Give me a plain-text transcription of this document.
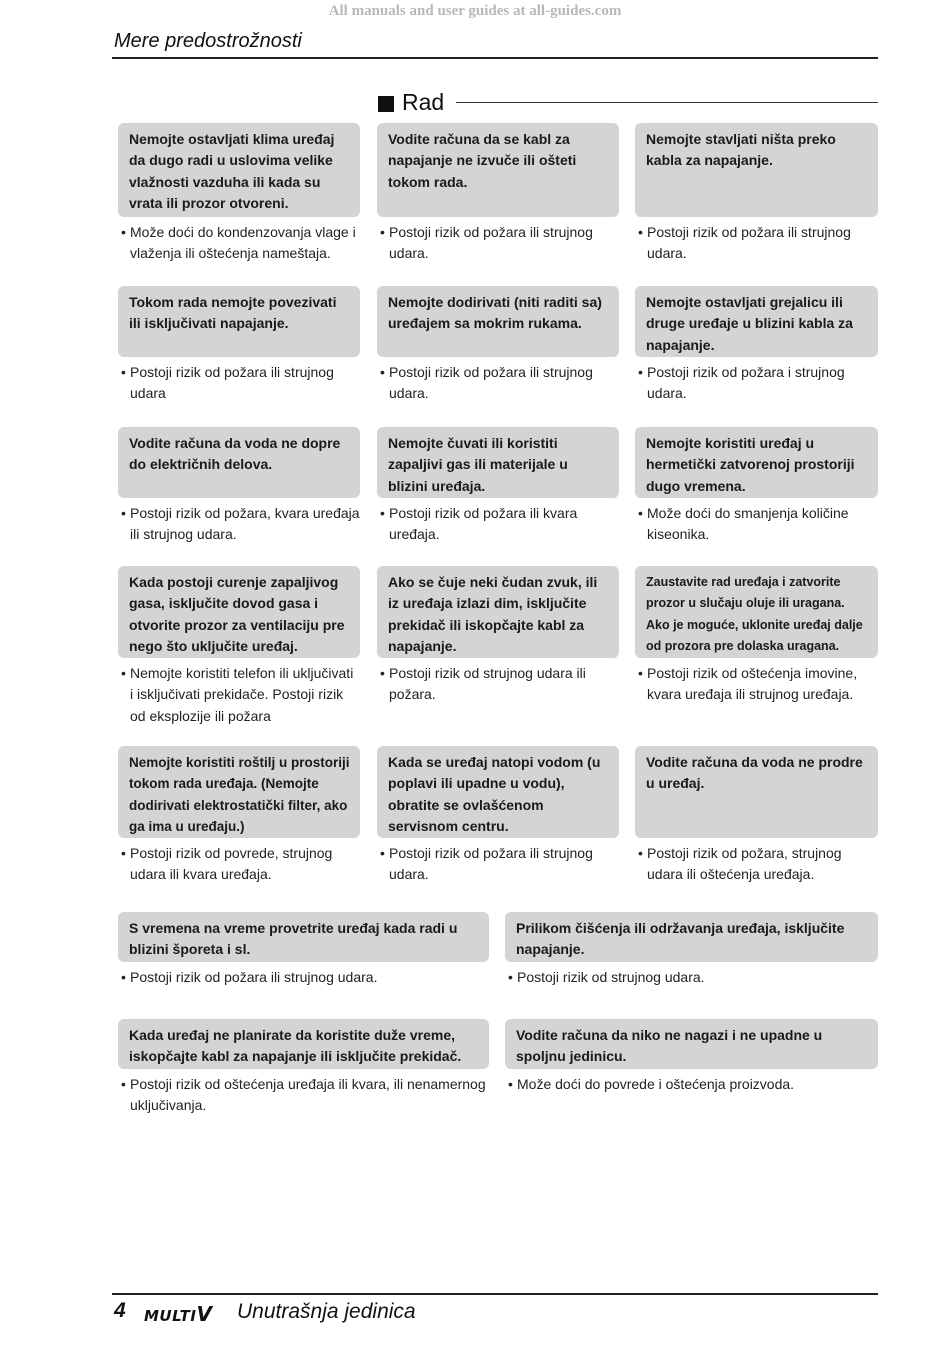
All manuals and user guides at all-guides.com
Mere predostrožnosti
Rad
Nemojte ostavljati klima uređaj da dugo radi u uslovima velike vlažnosti vazduha ili kada su vrata ili prozor otvoreni.
• Može doći do kondenzovanja vlage i vlaženja ili oštećenja nameštaja.
Vodite računa da se kabl za napajanje ne izvuče ili ošteti tokom rada.
• Postoji rizik od požara ili strujnog udara.
Nemojte stavljati ništa preko kabla za napajanje.
• Postoji rizik od požara ili strujnog udara.
Tokom rada nemojte povezivati ili isključivati napajanje.
• Postoji rizik od požara ili strujnog udara
Nemojte dodirivati (niti raditi sa) uređajem sa mokrim rukama.
• Postoji rizik od požara ili strujnog udara.
Nemojte ostavljati grejalicu ili druge uređaje u blizini kabla za napajanje.
• Postoji rizik od požara i strujnog udara.
Vodite računa da voda ne dopre do električnih delova.
• Postoji rizik od požara, kvara uređaja ili strujnog udara.
Nemojte čuvati ili koristiti zapaljivi gas ili materijale u blizini uređaja.
• Postoji rizik od požara ili kvara uređaja.
Nemojte koristiti uređaj u hermetički zatvorenoj prostoriji dugo vremena.
• Može doći do smanjenja količine kiseonika.
Kada postoji curenje zapaljivog gasa, isključite dovod gasa i otvorite prozor za ventilaciju pre nego što uključite uređaj.
• Nemojte koristiti telefon ili uključivati i isključivati prekidače. Postoji rizik od eksplozije ili požara
Ako se čuje neki čudan zvuk, ili iz uređaja izlazi dim, isključite prekidač ili iskopčajte kabl za napajanje.
• Postoji rizik od strujnog udara ili požara.
Zaustavite rad uređaja i zatvorite prozor u slučaju oluje ili uragana. Ako je moguće, uklonite uređaj dalje od prozora pre dolaska uragana.
• Postoji rizik od oštećenja imovine, kvara uređaja ili strujnog uređaja.
Nemojte koristiti roštilj u prostoriji tokom rada uređaja. (Nemojte dodirivati elektrostatički filter, ako ga ima u uređaju.)
• Postoji rizik od povrede, strujnog udara ili kvara uređaja.
Kada se uređaj natopi vodom (u poplavi ili upadne u vodu), obratite se ovlašćenom servisnom centru.
• Postoji rizik od požara ili strujnog udara.
Vodite računa da voda ne prodre u uređaj.
• Postoji rizik od požara, strujnog udara ili oštećenja uređaja.
S vremena na vreme provetrite uređaj kada radi u blizini šporeta i sl.
• Postoji rizik od požara ili strujnog udara.
Prilikom čišćenja ili održavanja uređaja, isključite napajanje.
• Postoji rizik od strujnog udara.
Kada uređaj ne planirate da koristite duže vreme, iskopčajte kabl za napajanje ili isključite prekidač.
• Postoji rizik od oštećenja uređaja ili kvara, ili nenamernog uključivanja.
Vodite računa da niko ne nagazi i ne upadne u spoljnu jedinicu.
• Može doći do povrede i oštećenja proizvoda.
4 MULTIV Unutrašnja jedinica
